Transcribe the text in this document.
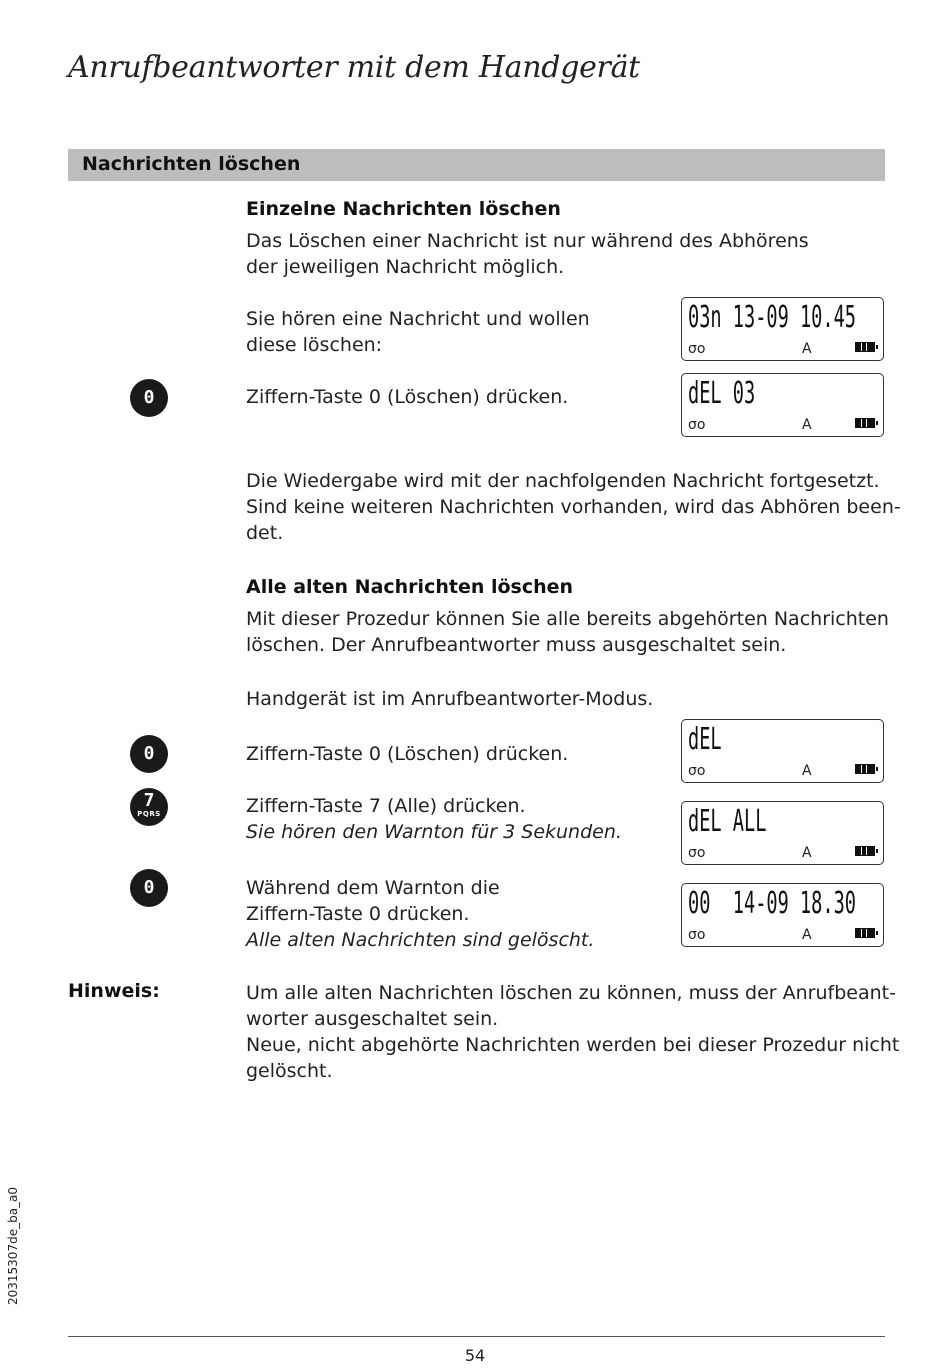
Anrufbeantworter mit dem Handgerät
Nachrichten löschen
Einzelne Nachrichten löschen
Das Löschen einer Nachricht ist nur während des Abhörens
der jeweiligen Nachricht möglich.
Sie hören eine Nachricht und wollen
diese löschen:
0	Ziffern-Taste 0 (Löschen) drücken.
03n 13-09 10.45
σo	A
dEL 03
σo	A
Die Wiedergabe wird mit der nachfolgenden Nachricht fortgesetzt.
Sind keine weiteren Nachrichten vorhanden, wird das Abhören been-
det.
Alle alten Nachrichten löschen
Mit dieser Prozedur können Sie alle bereits abgehörten Nachrichten
löschen. Der Anrufbeantworter muss ausgeschaltet sein.
Handgerät ist im Anrufbeantworter-Modus.
0	Ziffern-Taste 0 (Löschen) drücken.
7
PQRS	Ziffern-Taste 7 (Alle) drücken.
Sie hören den Warnton für 3 Sekunden.
0	Während dem Warnton die
Ziffern-Taste 0 drücken.
Alle alten Nachrichten sind gelöscht.
dEL
σo	A
dEL ALL
σo	A
00  14-09 18.30
σo	A
Hinweis:	Um alle alten Nachrichten löschen zu können, muss der Anrufbeant-
worter ausgeschaltet sein.
Neue, nicht abgehörte Nachrichten werden bei dieser Prozedur nicht
gelöscht.
20315307de_ba_a0
54
